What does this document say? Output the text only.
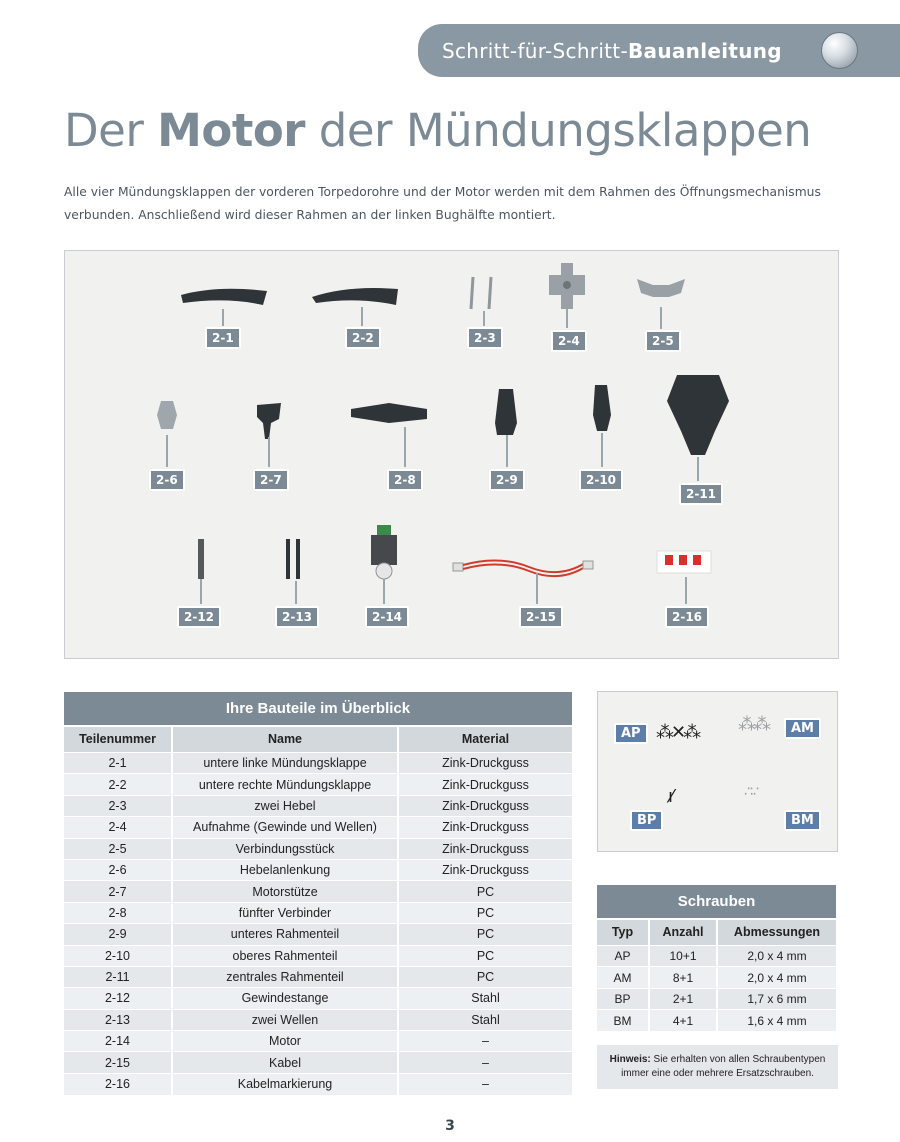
Schritt-für-Schritt-Bauanleitung
Der Motor der Mündungsklappen

Alle vier Mündungsklappen der vorderen Torpedorohre und der Motor werden mit dem Rahmen des Öffnungsmechanismus verbunden. Anschließend wird dieser Rahmen an der linken Bughälfte montiert.

2-1	2-2	2-3	2-4	2-5
2-6	2-7	2-8	2-9	2-10
2-11
2-12	2-13	2-14	2-15	2-16
Ihre Bauteile im Überblick		
Teilenummer	Name	Material
2-1	untere linke Mündungsklappe	Zink-Druckguss
2-2	untere rechte Mündungsklappe	Zink-Druckguss
2-3	zwei Hebel	Zink-Druckguss
2-4	Aufnahme (Gewinde und Wellen)	Zink-Druckguss
2-5	Verbindungsstück	Zink-Druckguss
2-6	Hebelanlenkung	Zink-Druckguss
2-7	Motorstütze	PC
2-8	fünfter Verbinder	PC
2-9	unteres Rahmenteil	PC
2-10	oberes Rahmenteil	PC
2-11	zentrales Rahmenteil	PC
2-12	Gewindestange	Stahl
2-13	zwei Wellen	Stahl
2-14	Motor	–
2-15	Kabel	–
2-16	Kabelmarkierung	–
AP ⁂✕⁂ ⁂⁂	AM
BP
ı⁄	∴∵
BM
Schrauben		
Typ	Anzahl	Abmessungen
AP	10+1	2,0 x 4 mm
AM	8+1	2,0 x 4 mm
BP	2+1	1,7 x 6 mm
BM	4+1	1,6 x 4 mm
Hinweis: Sie erhalten von allen Schraubentypen
immer eine oder mehrere Ersatzschrauben.
3
